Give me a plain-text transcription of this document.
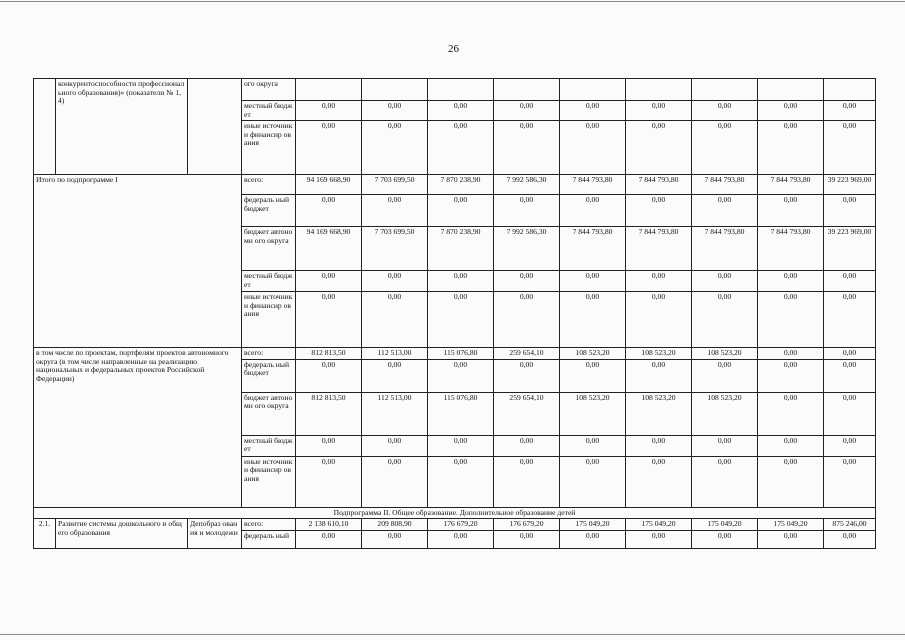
26
	конкурентоспособности профессионального образования)» (показатели № 1, 4)		ого округа									
			местный бюджет	0,00	0,00	0,00	0,00	0,00	0,00	0,00	0,00	0,00
			иные источник и финансир ования	0,00	0,00	0,00	0,00	0,00	0,00	0,00	0,00	0,00
Итого по подпрограмме I			всего:	94 169 668,90	7 703 699,50	7 870 238,90	7 992 586,30	7 844 793,80	7 844 793,80	7 844 793,80	7 844 793,80	39 223 969,00
			федераль ный бюджет	0,00	0,00	0,00	0,00	0,00	0,00	0,00	0,00	0,00
			бюджет автономн ого округа	94 169 668,90	7 703 699,50	7 870 238,90	7 992 586,30	7 844 793,80	7 844 793,80	7 844 793,80	7 844 793,80	39 223 969,00
			местный бюджет	0,00	0,00	0,00	0,00	0,00	0,00	0,00	0,00	0,00
			иные источник и финансир ования	0,00	0,00	0,00	0,00	0,00	0,00	0,00	0,00	0,00
в том числе по проектам, портфелям проектов автономного округа (в том числе направленные на реализацию национальных и федеральных проектов Российской Федерации)			всего:	812 813,50	112 513,00	115 076,80	259 654,10	108 523,20	108 523,20	108 523,20	0,00	0,00
			федераль ный бюджет	0,00	0,00	0,00	0,00	0,00	0,00	0,00	0,00	0,00
			бюджет автономн ого округа	812 813,50	112 513,00	115 076,80	259 654,10	108 523,20	108 523,20	108 523,20	0,00	0,00
			местный бюджет	0,00	0,00	0,00	0,00	0,00	0,00	0,00	0,00	0,00
			иные источник и финансир ования	0,00	0,00	0,00	0,00	0,00	0,00	0,00	0,00	0,00
Подпрограмма II. Общее образование. Дополнительное образование детей												
2.1.	Развитие системы дошкольного и общего образования	Депобраз ования и молодежи	всего:	2 138 610,10	209 808,90	176 679,20	176 679,20	175 049,20	175 049,20	175 049,20	175 049,20	875 246,00
			федераль ный	0,00	0,00	0,00	0,00	0,00	0,00	0,00	0,00	0,00
